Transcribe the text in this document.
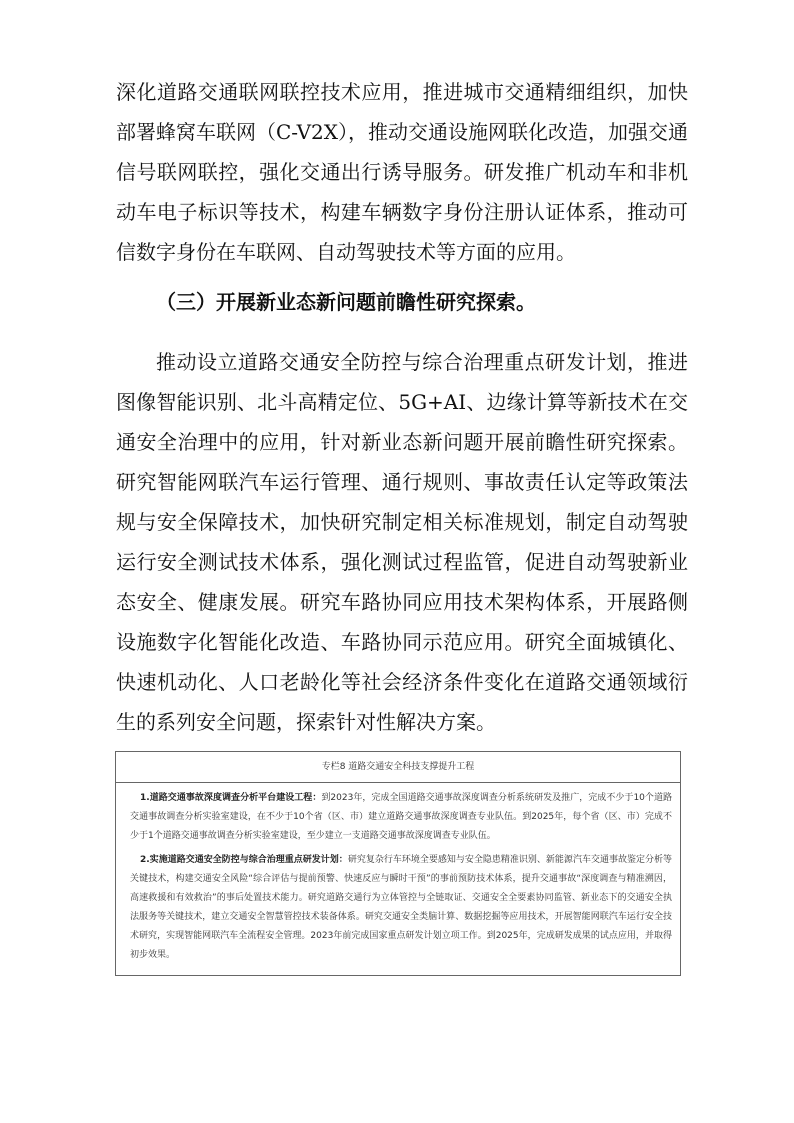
深化道路交通联网联控技术应用，推进城市交通精细组织，加快部署蜂窝车联网（C-V2X），推动交通设施网联化改造，加强交通信号联网联控，强化交通出行诱导服务。研发推广机动车和非机动车电子标识等技术，构建车辆数字身份注册认证体系，推动可信数字身份在车联网、自动驾驶技术等方面的应用。

（三）开展新业态新问题前瞻性研究探索。

推动设立道路交通安全防控与综合治理重点研发计划，推进图像智能识别、北斗高精定位、5G+AI、边缘计算等新技术在交通安全治理中的应用，针对新业态新问题开展前瞻性研究探索。研究智能网联汽车运行管理、通行规则、事故责任认定等政策法规与安全保障技术，加快研究制定相关标准规划，制定自动驾驶运行安全测试技术体系，强化测试过程监管，促进自动驾驶新业态安全、健康发展。研究车路协同应用技术架构体系，开展路侧设施数字化智能化改造、车路协同示范应用。研究全面城镇化、快速机动化、人口老龄化等社会经济条件变化在道路交通领域衍生的系列安全问题，探索针对性解决方案。

专栏8 道路交通安全科技支撑提升工程

1.道路交通事故深度调查分析平台建设工程：到2023年，完成全国道路交通事故深度调查分析系统研发及推广，完成不少于10个道路交通事故调查分析实验室建设，在不少于10个省（区、市）建立道路交通事故深度调查专业队伍。到2025年，每个省（区、市）完成不少于1个道路交通事故调查分析实验室建设，至少建立一支道路交通事故深度调查专业队伍。

2.实施道路交通安全防控与综合治理重点研发计划：研究复杂行车环境全要感知与安全隐患精准识别、新能源汽车交通事故鉴定分析等关键技术，构建交通安全风险“综合评估与提前预警、快速反应与瞬时干预”的事前预防技术体系，提升交通事故“深度调查与精准溯因，高速救援和有效救治”的事后处置技术能力。研究道路交通行为立体管控与全链取证、交通安全全要素协同监管、新业态下的交通安全执法服务等关键技术，建立交通安全智慧管控技术装备体系。研究交通安全类脑计算、数据挖掘等应用技术，开展智能网联汽车运行安全技术研究，实现智能网联汽车全流程安全管理。2023年前完成国家重点研发计划立项工作。到2025年，完成研发成果的试点应用，并取得初步效果。
